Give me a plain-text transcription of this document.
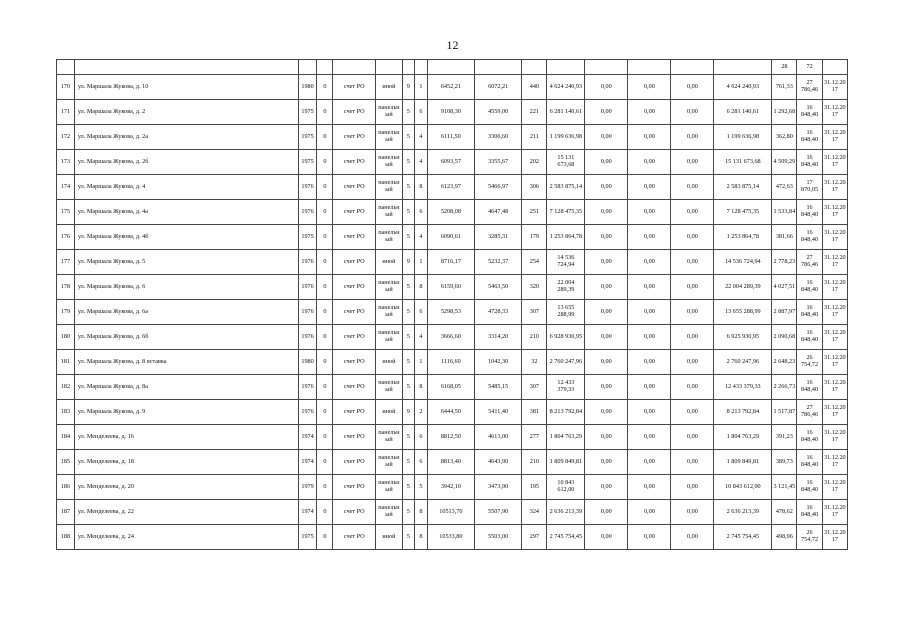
12
																28	72	
170	ул. Маршала Жукова, д. 10	1980	0	счет РО	иной	9	1	6452,21	6072,21	440	4 624 240,93	0,00	0,00	0,00	4 624 240,93	761,33	27 786,46	31.12.2017
171	ул. Маршала Жукова, д. 2	1975	0	счет РО	панельный	5	6	9108,30	4559,00	221	6 281 140,61	0,00	0,00	0,00	6 281 140,61	1 292,68	16 848,40	31.12.2017
172	ул. Маршала Жукова, д. 2а	1975	0	счет РО	панельный	5	4	6111,50	3306,60	211	1 199 636,98	0,00	0,00	0,00	1 199 636,98	362,80	16 848,40	31.12.2017
173	ул. Маршала Жукова, д. 2б	1975	0	счет РО	панельный	5	4	6093,57	3355,67	202	15 131 673,68	0,00	0,00	0,00	15 131 673,68	4 509,29	16 848,40	31.12.2017
174	ул. Маршала Жукова, д. 4	1976	0	счет РО	панельный	5	8	6123,97	5466,97	306	2 583 875,14	0,00	0,00	0,00	2 583 875,14	472,63	17 870,05	31.12.2017
175	ул. Маршала Жукова, д. 4а	1976	0	счет РО	панельный	5	6	5208,08	4647,48	251	7 128 475,35	0,00	0,00	0,00	7 128 475,35	1 533,84	16 848,40	31.12.2017
176	ул. Маршала Жукова, д. 4б	1975	0	счет РО	панельный	5	4	6090,61	3285,31	179	1 253 864,78	0,00	0,00	0,00	1 253 864,78	381,66	16 848,40	31.12.2017
177	ул. Маршала Жукова, д. 5	1976	0	счет РО	иной	9	1	8716,17	5232,37	254	14 536 724,94	0,00	0,00	0,00	14 536 724,94	2 778,23	27 786,46	31.12.2017
178	ул. Маршала Жукова, д. 6	1976	0	счет РО	панельный	5	8	6159,60	5463,50	320	22 004 289,39	0,00	0,00	0,00	22 004 289,39	4 027,51	16 848,40	31.12.2017
179	ул. Маршала Жукова, д. 6а	1976	0	счет РО	панельный	5	6	5298,53	4728,33	307	13 655 288,99	0,00	0,00	0,00	13 655 288,99	2 887,97	16 848,40	31.12.2017
180	ул. Маршала Жукова, д. 6б	1976	0	счет РО	панельный	5	4	3666,60	3314,20	210	6 928 930,95	0,00	0,00	0,00	6 925 930,95	2 090,68	16 848,40	31.12.2017
181	ул. Маршала Жукова, д. 8 вставка	1980	0	счет РО	иной	5	1	1116,60	1042,30	32	2 760 247,96	0,00	0,00	0,00	2 760 247,96	2 648,23	26 754,72	31.12.2017
182	ул. Маршала Жукова, д. 8а	1976	0	счет РО	панельный	5	8	6168,05	5485,15	307	12 433 379,33	0,00	0,00	0,00	12 433 379,33	2 266,73	16 848,40	31.12.2017
183	ул. Маршала Жукова, д. 9	1976	0	счет РО	иной	9	2	6444,50	5411,40	381	8 213 792,84	0,00	0,00	0,00	8 213 792,84	1 517,87	27 786,46	31.12.2017
184	ул. Менделеева, д. 16	1974	0	счет РО	панельный	5	6	8812,50	4613,00	277	1 804 763,29	0,00	0,00	0,00	1 804 763,29	391,23	16 848,40	31.12.2017
185	ул. Менделеева, д. 18	1974	0	счет РО	панельный	5	6	8813,40	4643,90	210	1 809 849,81	0,00	0,00	0,00	1 809 849,81	389,73	16 848,40	31.12.2017
186	ул. Менделеева, д. 20	1979	0	счет РО	панельный	5	5	3942,10	3473,90	195	10 843 612,00	0,00	0,00	0,00	10 843 612,00	3 121,45	16 848,40	31.12.2017
187	ул. Менделеева, д. 22	1974	0	счет РО	панельный	5	8	10513,70	5507,90	324	2 636 213,39	0,00	0,00	0,00	2 636 213,39	478,62	16 848,40	31.12.2017
188	ул. Менделеева, д. 24	1975	0	счет РО	иной	5	8	10533,80	5503,00	297	2 745 754,45	0,00	0,00	0,00	2 745 754,45	498,96	26 754,72	31.12.2017
